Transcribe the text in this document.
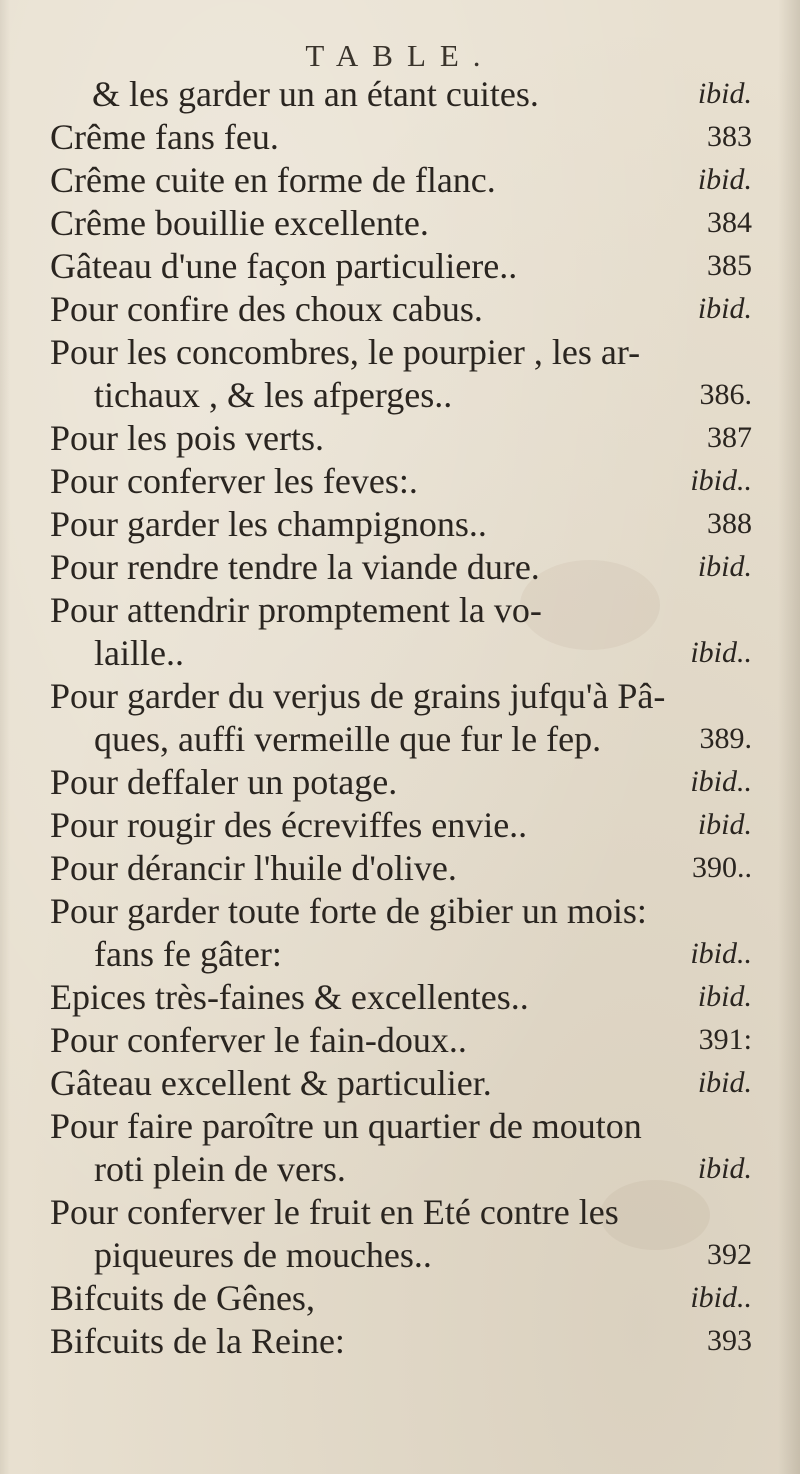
TABLE.
& les garder un an étant cuites.	ibid.
Crême fans feu.	383
Crême cuite en forme de flanc.	ibid.
Crême bouillie excellente.	384
Gâteau d'une façon particuliere..	385
Pour confire des choux cabus.	ibid.
Pour les concombres, le pourpier , les ar-
tichaux , & les afperges..	386.
Pour les pois verts.	387
Pour conferver les feves:.	ibid..
Pour garder les champignons..	388
Pour rendre tendre la viande dure.	ibid.
Pour attendrir promptement la vo-
laille..	ibid..
Pour garder du verjus de grains jufqu'à Pâ-
ques, auffi vermeille que fur le fep.	389.
Pour deffaler un potage.	ibid..
Pour rougir des écreviffes envie..	ibid.
Pour dérancir l'huile d'olive.	390..
Pour garder toute forte de gibier un mois:
fans fe gâter:	ibid..
Epices très-faines & excellentes..	ibid.
Pour conferver le fain-doux..	391:
Gâteau excellent & particulier.	ibid.
Pour faire paroître un quartier de mouton
roti plein de vers.	ibid.
Pour conferver le fruit en Eté contre les
piqueures de mouches..	392
Bifcuits de Gênes,	ibid..
Bifcuits de la Reine:	393
